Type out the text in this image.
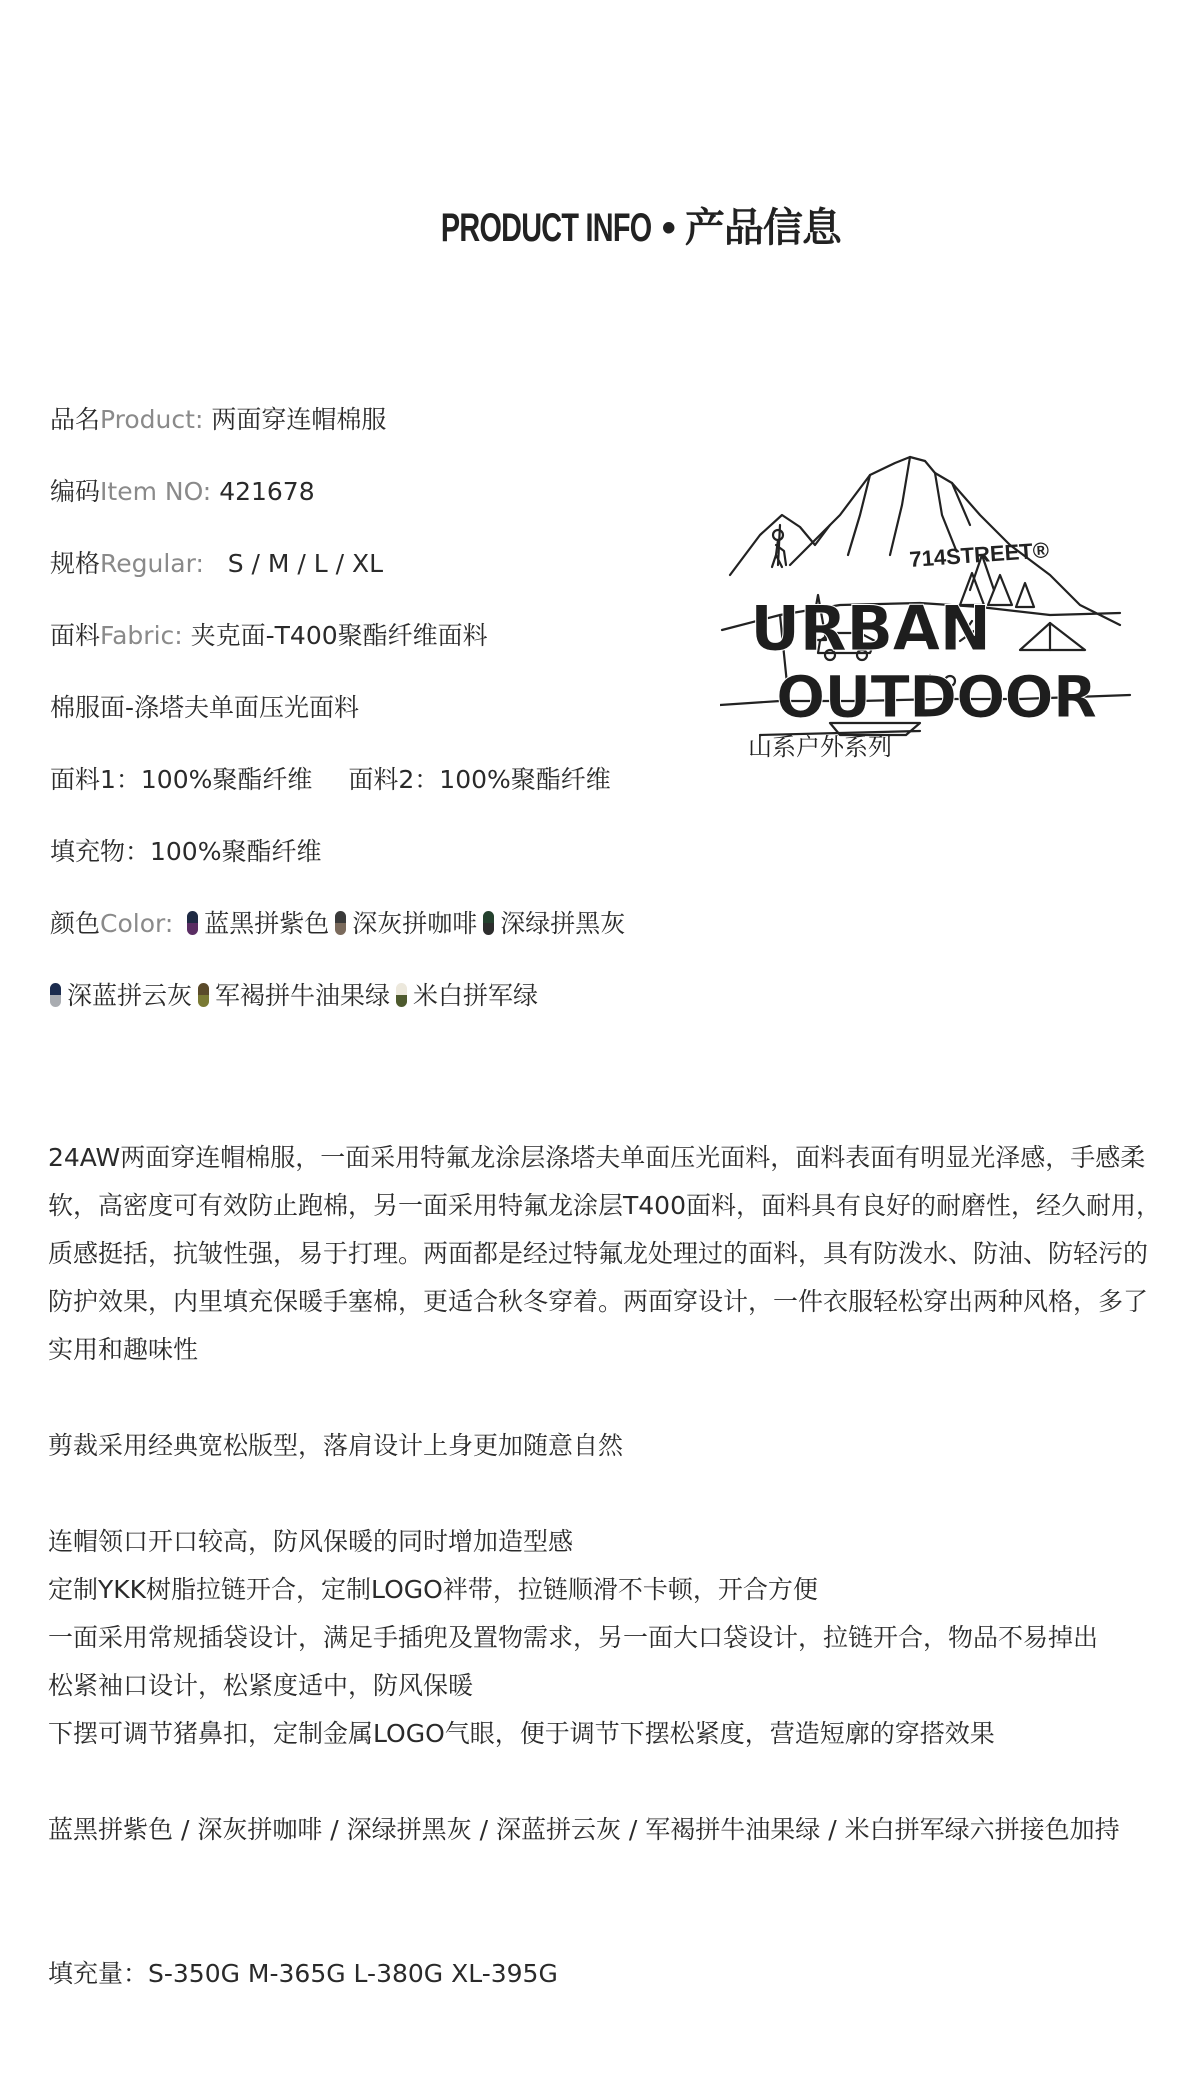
PRODUCT INFO • 产品信息
品名Product: 两面穿连帽棉服
编码Item NO: 421678
规格Regular: S / M / L / XL
面料Fabric: 夹克面-T400聚酯纤维面料
棉服面-涤塔夫单面压光面料
面料1：100%聚酯纤维 面料2：100%聚酯纤维
填充物：100%聚酯纤维
颜色Color: 蓝黑拼紫色 深灰拼咖啡 深绿拼黑灰
深蓝拼云灰 军褐拼牛油果绿 米白拼军绿
714STREET®
URBAN
OUTDOOR
山系户外系列

24AW两面穿连帽棉服，一面采用特氟龙涂层涤塔夫单面压光面料，面料表面有明显光泽感，手感柔软，高密度可有效防止跑棉，另一面采用特氟龙涂层T400面料，面料具有良好的耐磨性，经久耐用，质感挺括，抗皱性强，易于打理。两面都是经过特氟龙处理过的面料，具有防泼水、防油、防轻污的防护效果，内里填充保暖手塞棉，更适合秋冬穿着。两面穿设计，一件衣服轻松穿出两种风格，多了实用和趣味性

剪裁采用经典宽松版型，落肩设计上身更加随意自然

连帽领口开口较高，防风保暖的同时增加造型感

定制YKK树脂拉链开合，定制LOGO袢带，拉链顺滑不卡顿，开合方便

一面采用常规插袋设计，满足手插兜及置物需求，另一面大口袋设计，拉链开合，物品不易掉出

松紧袖口设计，松紧度适中，防风保暖

下摆可调节猪鼻扣，定制金属LOGO气眼，便于调节下摆松紧度，营造短廓的穿搭效果

蓝黑拼紫色 / 深灰拼咖啡 / 深绿拼黑灰 / 深蓝拼云灰 / 军褐拼牛油果绿 / 米白拼军绿六拼接色加持

填充量：S-350G M-365G L-380G XL-395G
